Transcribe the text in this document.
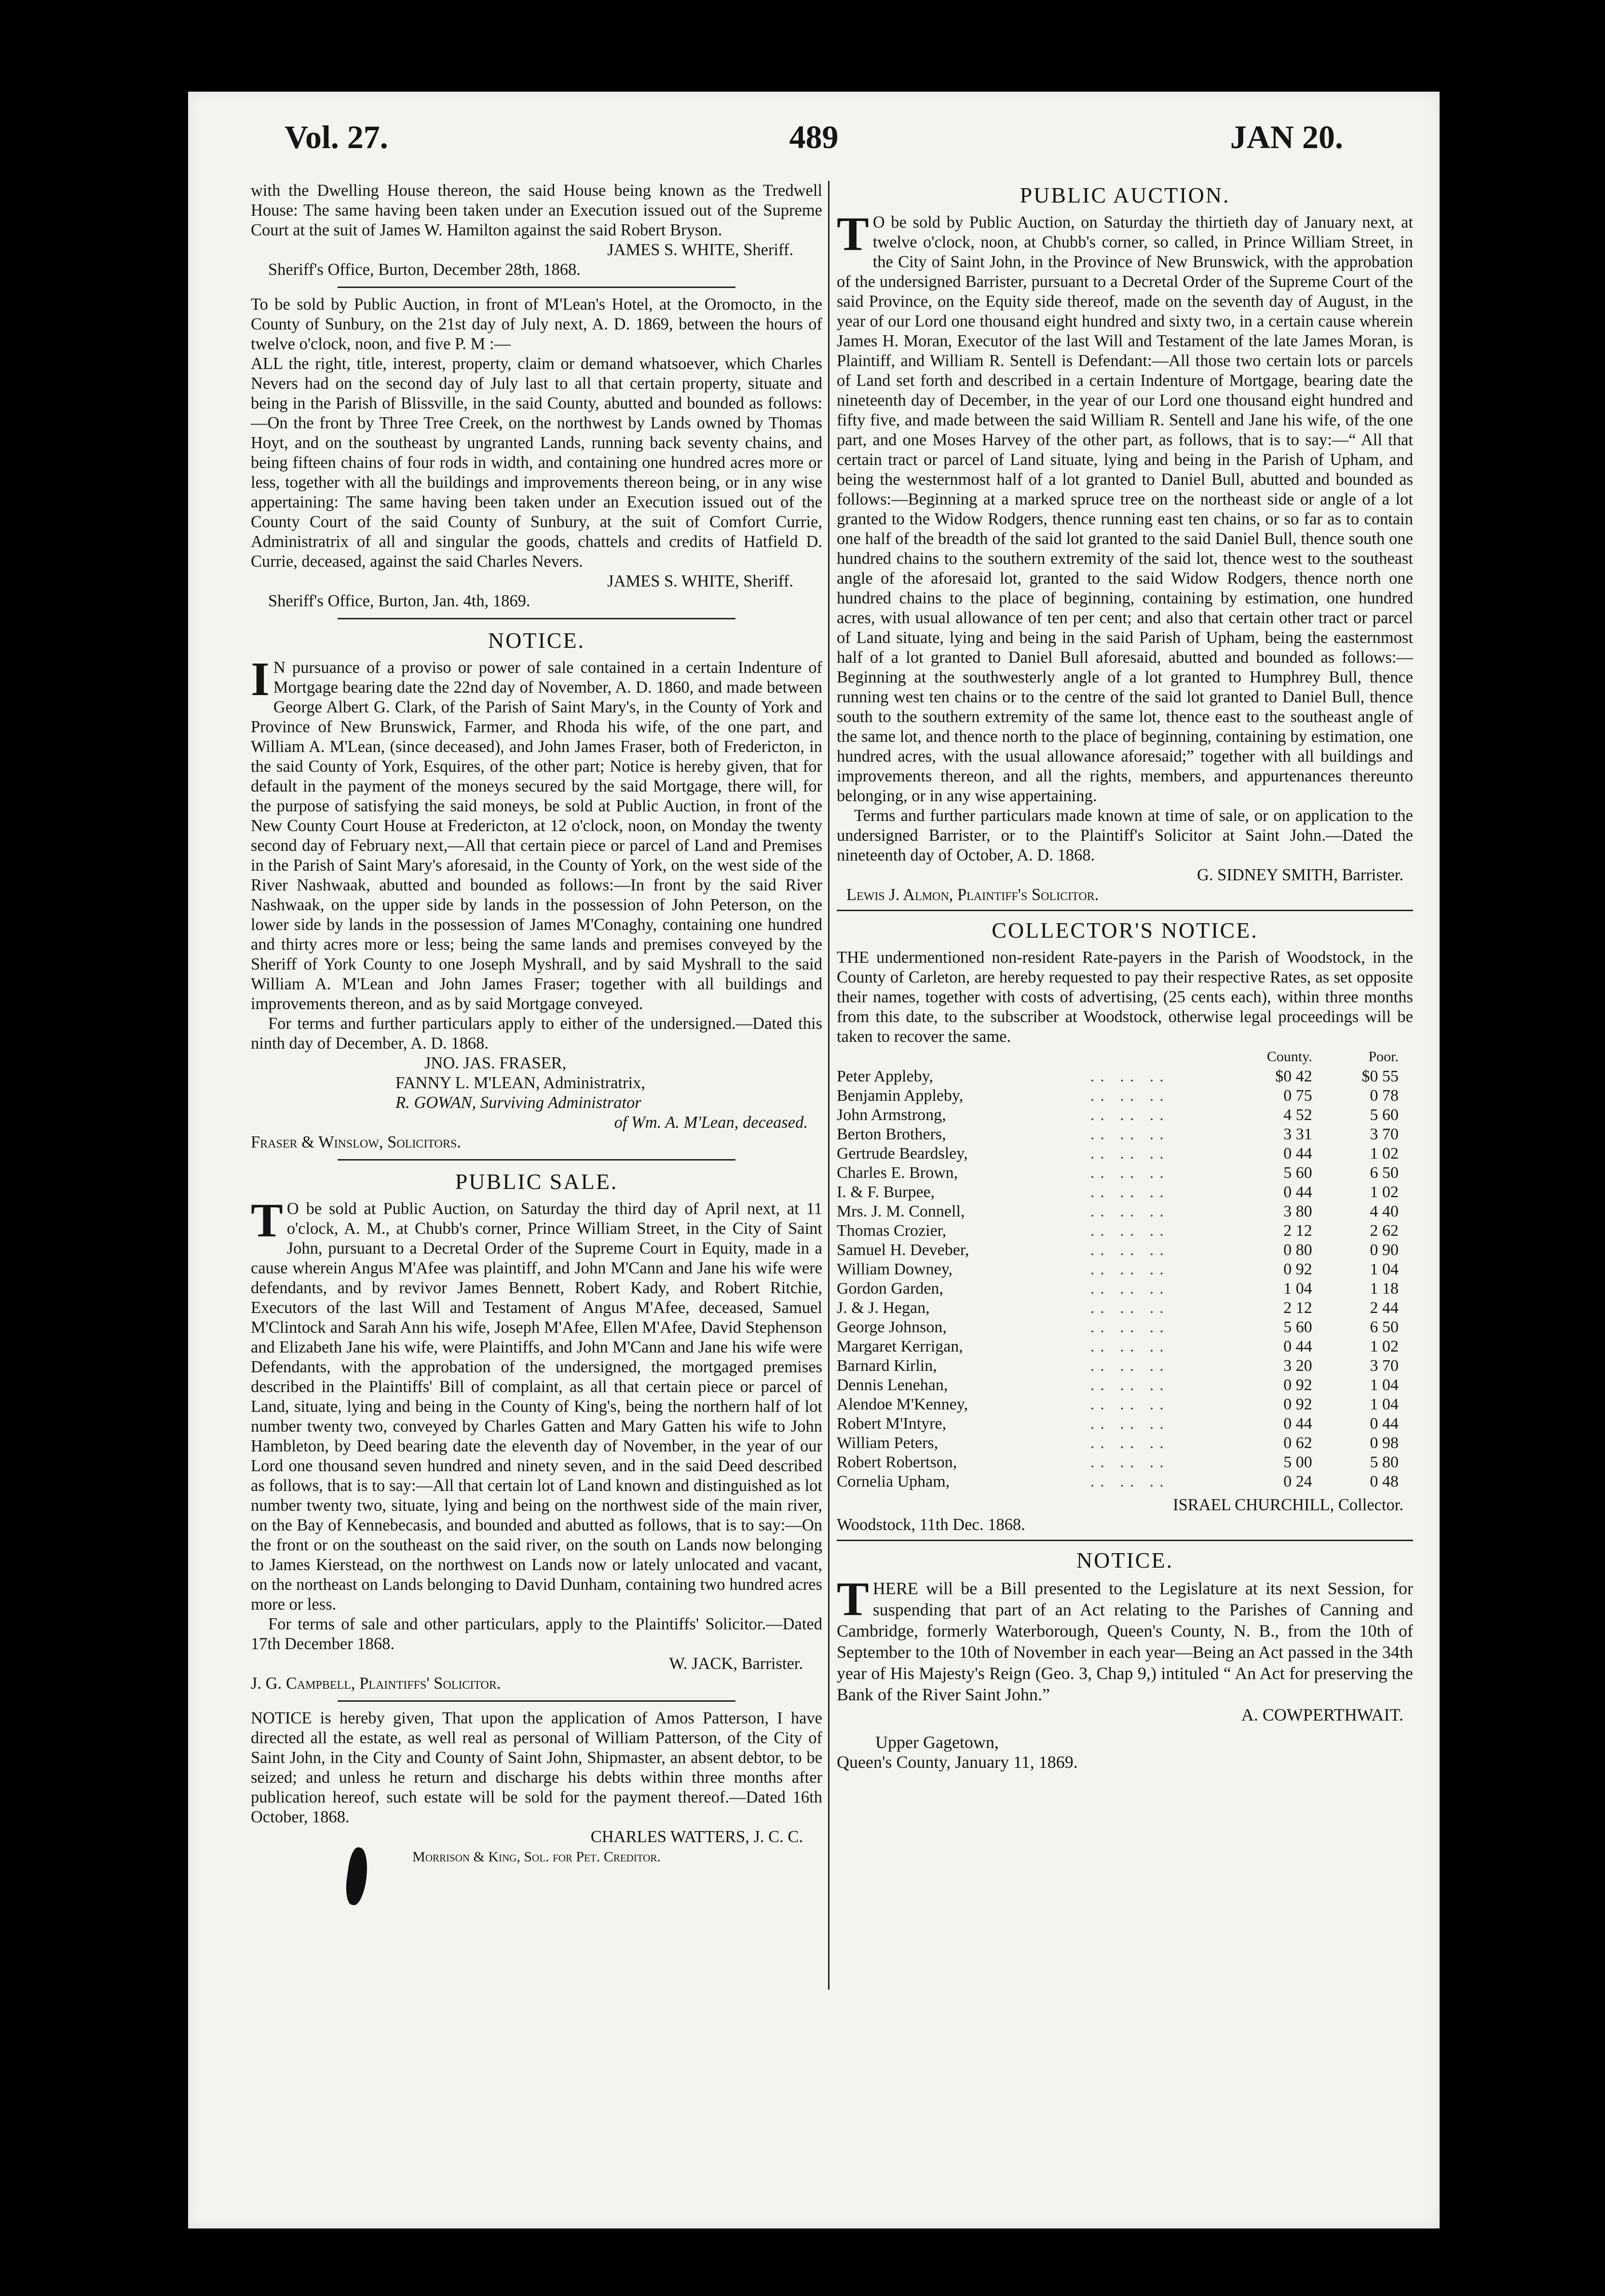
Vol. 27.	489	JAN 20.

with the Dwelling House thereon, the said House being known as the Tredwell House: The same having been taken under an Execution issued out of the Supreme Court at the suit of James W. Hamilton against the said Robert Bryson.

JAMES S. WHITE, Sheriff.

Sheriff's Office, Burton, December 28th, 1868.

To be sold by Public Auction, in front of M'Lean's Hotel, at the Oromocto, in the County of Sunbury, on the 21st day of July next, A. D. 1869, between the hours of twelve o'clock, noon, and five P. M :—

ALL the right, title, interest, property, claim or demand whatsoever, which Charles Nevers had on the second day of July last to all that certain property, situate and being in the Parish of Blissville, in the said County, abutted and bounded as follows:—On the front by Three Tree Creek, on the northwest by Lands owned by Thomas Hoyt, and on the southeast by ungranted Lands, running back seventy chains, and being fifteen chains of four rods in width, and containing one hundred acres more or less, together with all the buildings and improvements thereon being, or in any wise appertaining: The same having been taken under an Execution issued out of the County Court of the said County of Sunbury, at the suit of Comfort Currie, Administratrix of all and singular the goods, chattels and credits of Hatfield D. Currie, deceased, against the said Charles Nevers.

JAMES S. WHITE, Sheriff.

Sheriff's Office, Burton, Jan. 4th, 1869.

NOTICE.

I N pursuance of a proviso or power of sale contained in a certain Indenture of Mortgage bearing date the 22nd day of November, A. D. 1860, and made between George Albert G. Clark, of the Parish of Saint Mary's, in the County of York and Province of New Brunswick, Farmer, and Rhoda his wife, of the one part, and William A. M'Lean, (since deceased), and John James Fraser, both of Fredericton, in the said County of York, Esquires, of the other part; Notice is hereby given, that for default in the payment of the moneys secured by the said Mortgage, there will, for the purpose of satisfying the said moneys, be sold at Public Auction, in front of the New County Court House at Fredericton, at 12 o'clock, noon, on Monday the twenty second day of February next,—All that certain piece or parcel of Land and Premises in the Parish of Saint Mary's aforesaid, in the County of York, on the west side of the River Nashwaak, abutted and bounded as follows:—In front by the said River Nashwaak, on the upper side by lands in the possession of John Peterson, on the lower side by lands in the possession of James M'Conaghy, containing one hundred and thirty acres more or less; being the same lands and premises conveyed by the Sheriff of York County to one Joseph Myshrall, and by said Myshrall to the said William A. M'Lean and John James Fraser; together with all buildings and improvements thereon, and as by said Mortgage conveyed.

For terms and further particulars apply to either of the undersigned.—Dated this ninth day of December, A. D. 1868.

JNO. JAS. FRASER,

FANNY L. M'LEAN, Administratrix,

R. GOWAN, Surviving Administrator

of Wm. A. M'Lean, deceased.

Fraser & Winslow, Solicitors.

PUBLIC SALE.

T O be sold at Public Auction, on Saturday the third day of April next, at 11 o'clock, A. M., at Chubb's corner, Prince William Street, in the City of Saint John, pursuant to a Decretal Order of the Supreme Court in Equity, made in a cause wherein Angus M'Afee was plaintiff, and John M'Cann and Jane his wife were defendants, and by revivor James Bennett, Robert Kady, and Robert Ritchie, Executors of the last Will and Testament of Angus M'Afee, deceased, Samuel M'Clintock and Sarah Ann his wife, Joseph M'Afee, Ellen M'Afee, David Stephenson and Elizabeth Jane his wife, were Plaintiffs, and John M'Cann and Jane his wife were Defendants, with the approbation of the undersigned, the mortgaged premises described in the Plaintiffs' Bill of complaint, as all that certain piece or parcel of Land, situate, lying and being in the County of King's, being the northern half of lot number twenty two, conveyed by Charles Gatten and Mary Gatten his wife to John Hambleton, by Deed bearing date the eleventh day of November, in the year of our Lord one thousand seven hundred and ninety seven, and in the said Deed described as follows, that is to say:—All that certain lot of Land known and distinguished as lot number twenty two, situate, lying and being on the northwest side of the main river, on the Bay of Kennebecasis, and bounded and abutted as follows, that is to say:—On the front or on the southeast on the said river, on the south on Lands now belonging to James Kierstead, on the northwest on Lands now or lately unlocated and vacant, on the northeast on Lands belonging to David Dunham, containing two hundred acres more or less.

For terms of sale and other particulars, apply to the Plaintiffs' Solicitor.—Dated 17th December 1868.

W. JACK, Barrister.

J. G. Campbell, Plaintiffs' Solicitor.

NOTICE is hereby given, That upon the application of Amos Patterson, I have directed all the estate, as well real as personal of William Patterson, of the City of Saint John, in the City and County of Saint John, Shipmaster, an absent debtor, to be seized; and unless he return and discharge his debts within three months after publication hereof, such estate will be sold for the payment thereof.—Dated 16th October, 1868.

CHARLES WATTERS, J. C. C.

Morrison & King, Sol. for Pet. Creditor.

PUBLIC AUCTION.

T O be sold by Public Auction, on Saturday the thirtieth day of January next, at twelve o'clock, noon, at Chubb's corner, so called, in Prince William Street, in the City of Saint John, in the Province of New Brunswick, with the approbation of the undersigned Barrister, pursuant to a Decretal Order of the Supreme Court of the said Province, on the Equity side thereof, made on the seventh day of August, in the year of our Lord one thousand eight hundred and sixty two, in a certain cause wherein James H. Moran, Executor of the last Will and Testament of the late James Moran, is Plaintiff, and William R. Sentell is Defendant:—All those two certain lots or parcels of Land set forth and described in a certain Indenture of Mortgage, bearing date the nineteenth day of December, in the year of our Lord one thousand eight hundred and fifty five, and made between the said William R. Sentell and Jane his wife, of the one part, and one Moses Harvey of the other part, as follows, that is to say:—“ All that certain tract or parcel of Land situate, lying and being in the Parish of Upham, and being the westernmost half of a lot granted to Daniel Bull, abutted and bounded as follows:—Beginning at a marked spruce tree on the northeast side or angle of a lot granted to the Widow Rodgers, thence running east ten chains, or so far as to contain one half of the breadth of the said lot granted to the said Daniel Bull, thence south one hundred chains to the southern extremity of the said lot, thence west to the southeast angle of the aforesaid lot, granted to the said Widow Rodgers, thence north one hundred chains to the place of beginning, containing by estimation, one hundred acres, with usual allowance of ten per cent; and also that certain other tract or parcel of Land situate, lying and being in the said Parish of Upham, being the easternmost half of a lot granted to Daniel Bull aforesaid, abutted and bounded as follows:—Beginning at the southwesterly angle of a lot granted to Humphrey Bull, thence running west ten chains or to the centre of the said lot granted to Daniel Bull, thence south to the southern extremity of the same lot, thence east to the southeast angle of the same lot, and thence north to the place of beginning, containing by estimation, one hundred acres, with the usual allowance aforesaid;” together with all buildings and improvements thereon, and all the rights, members, and appurtenances thereunto belonging, or in any wise appertaining.

Terms and further particulars made known at time of sale, or on application to the undersigned Barrister, or to the Plaintiff's Solicitor at Saint John.—Dated the nineteenth day of October, A. D. 1868.

G. SIDNEY SMITH, Barrister.

Lewis J. Almon, Plaintiff's Solicitor.

COLLECTOR'S NOTICE.

THE undermentioned non-resident Rate-payers in the Parish of Woodstock, in the County of Carleton, are hereby requested to pay their respective Rates, as set opposite their names, together with costs of advertising, (25 cents each), within three months from this date, to the subscriber at Woodstock, otherwise legal proceedings will be taken to recover the same.

		County.	Poor.
Peter Appleby,	.. .. ..	$0 42	$0 55
Benjamin Appleby,	.. .. ..	0 75	0 78
John Armstrong,	.. .. ..	4 52	5 60
Berton Brothers,	.. .. ..	3 31	3 70
Gertrude Beardsley,	.. .. ..	0 44	1 02
Charles E. Brown,	.. .. ..	5 60	6 50
I. & F. Burpee,	.. .. ..	0 44	1 02
Mrs. J. M. Connell,	.. .. ..	3 80	4 40
Thomas Crozier,	.. .. ..	2 12	2 62
Samuel H. Deveber,	.. .. ..	0 80	0 90
William Downey,	.. .. ..	0 92	1 04
Gordon Garden,	.. .. ..	1 04	1 18
J. & J. Hegan,	.. .. ..	2 12	2 44
George Johnson,	.. .. ..	5 60	6 50
Margaret Kerrigan,	.. .. ..	0 44	1 02
Barnard Kirlin,	.. .. ..	3 20	3 70
Dennis Lenehan,	.. .. ..	0 92	1 04
Alendoe M'Kenney,	.. .. ..	0 92	1 04
Robert M'Intyre,	.. .. ..	0 44	0 44
William Peters,	.. .. ..	0 62	0 98
Robert Robertson,	.. .. ..	5 00	5 80
Cornelia Upham,	.. .. ..	0 24	0 48

ISRAEL CHURCHILL, Collector.

Woodstock, 11th Dec. 1868.

NOTICE.

THERE will be a Bill presented to the Legislature at its next Session, for suspending that part of an Act relating to the Parishes of Canning and Cambridge, formerly Waterborough, Queen's County, N. B., from the 10th of September to the 10th of November in each year—Being an Act passed in the 34th year of His Majesty's Reign (Geo. 3, Chap 9,) intituled “ An Act for preserving the Bank of the River Saint John.”

A. COWPERTHWAIT.

Upper Gagetown,

Queen's County, January 11, 1869.
